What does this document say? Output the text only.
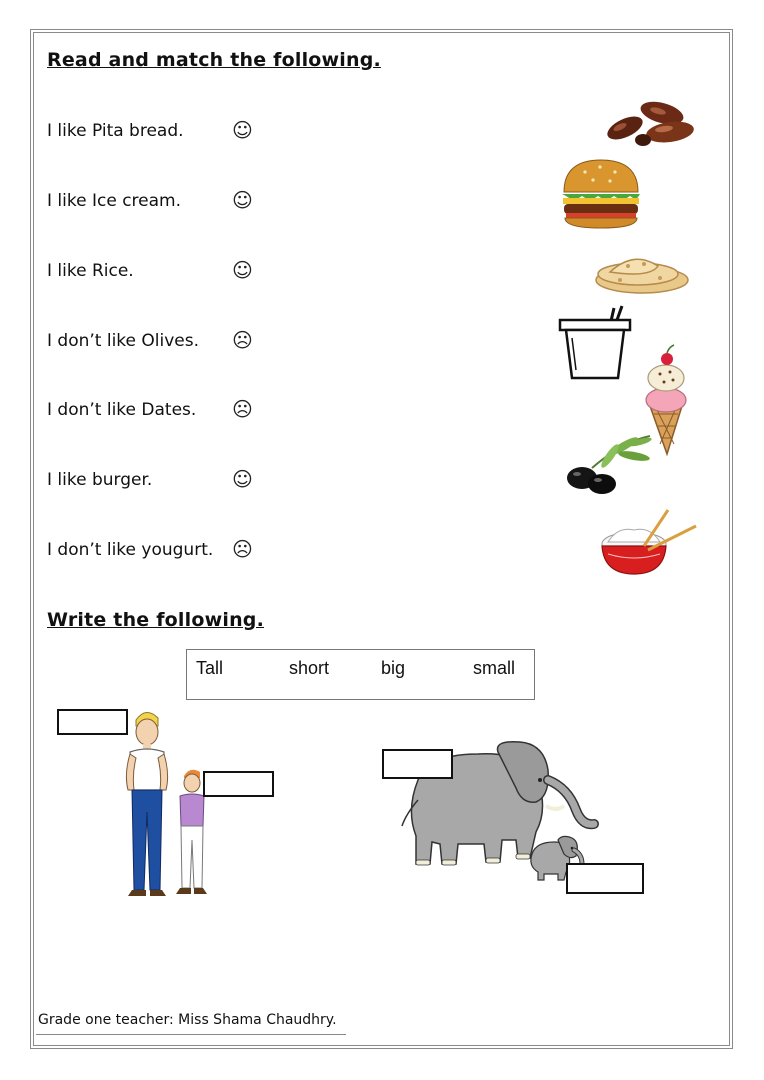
Read and match the following.
I like Pita bread. ☺
I like Ice cream.	☺
I like Rice.	☺
I don’t like Olives. ☹
I don’t like Dates. ☹
I like burger.	☺
I don’t like yougurt. ☹
Write the following.
Tall	short	big	small
Grade one teacher: Miss Shama Chaudhry.
